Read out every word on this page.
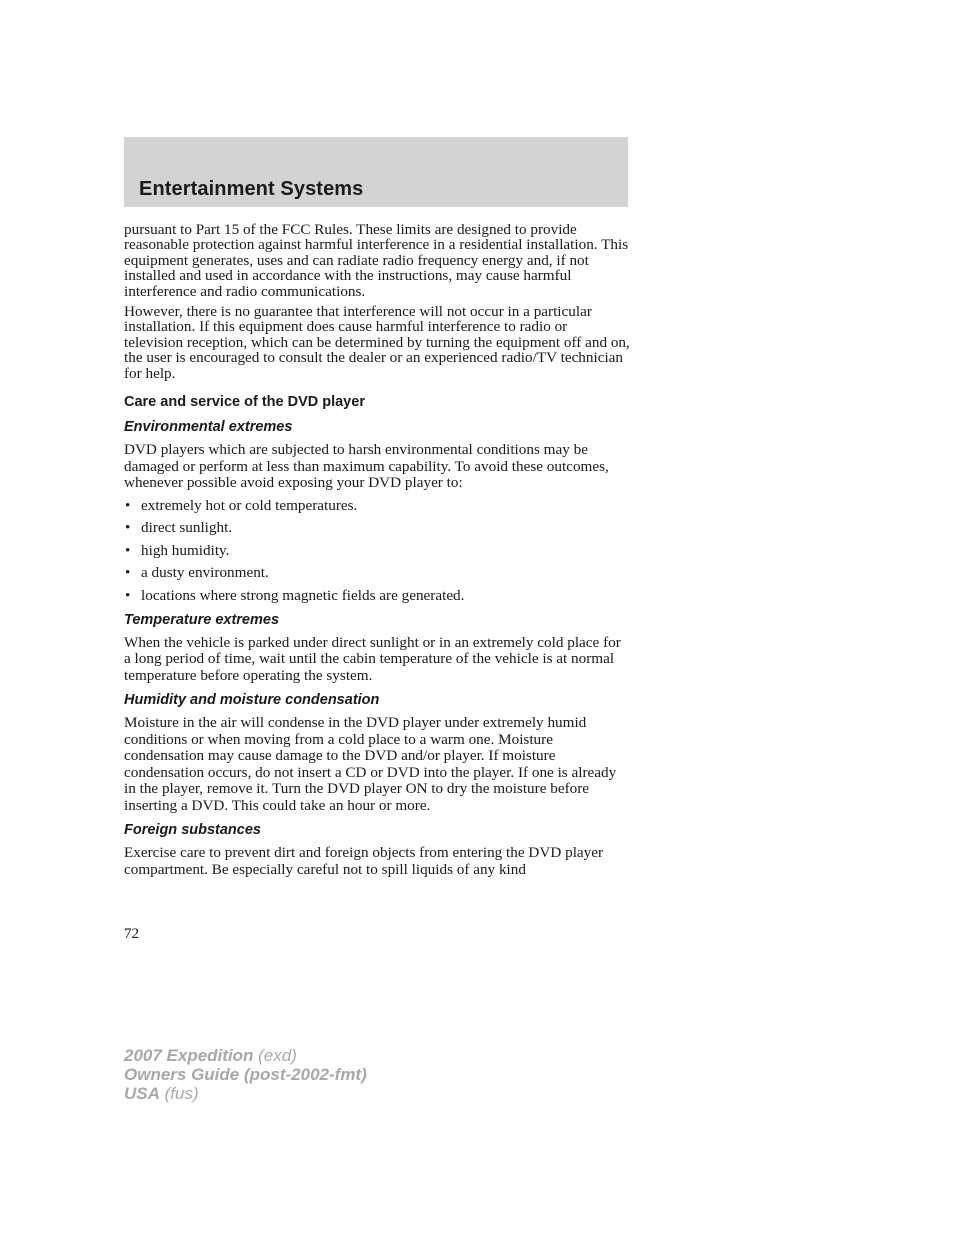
Entertainment Systems

pursuant to Part 15 of the FCC Rules. These limits are designed to provide reasonable protection against harmful interference in a residential installation. This equipment generates, uses and can radiate radio frequency energy and, if not installed and used in accordance with the instructions, may cause harmful interference and radio communications.

However, there is no guarantee that interference will not occur in a particular installation. If this equipment does cause harmful interference to radio or television reception, which can be determined by turning the equipment off and on, the user is encouraged to consult the dealer or an experienced radio/TV technician for help.

Care and service of the DVD player
Environmental extremes

DVD players which are subjected to harsh environmental conditions may be damaged or perform at less than maximum capability. To avoid these outcomes, whenever possible avoid exposing your DVD player to:

• extremely hot or cold temperatures.
• direct sunlight.
• high humidity.
• a dusty environment.
• locations where strong magnetic fields are generated.
Temperature extremes

When the vehicle is parked under direct sunlight or in an extremely cold place for a long period of time, wait until the cabin temperature of the vehicle is at normal temperature before operating the system.

Humidity and moisture condensation

Moisture in the air will condense in the DVD player under extremely humid conditions or when moving from a cold place to a warm one. Moisture condensation may cause damage to the DVD and/or player. If moisture condensation occurs, do not insert a CD or DVD into the player. If one is already in the player, remove it. Turn the DVD player ON to dry the moisture before inserting a DVD. This could take an hour or more.

Foreign substances

Exercise care to prevent dirt and foreign objects from entering the DVD player compartment. Be especially careful not to spill liquids of any kind

72

2007 Expedition (exd)
Owners Guide (post-2002-fmt)
USA (fus)
